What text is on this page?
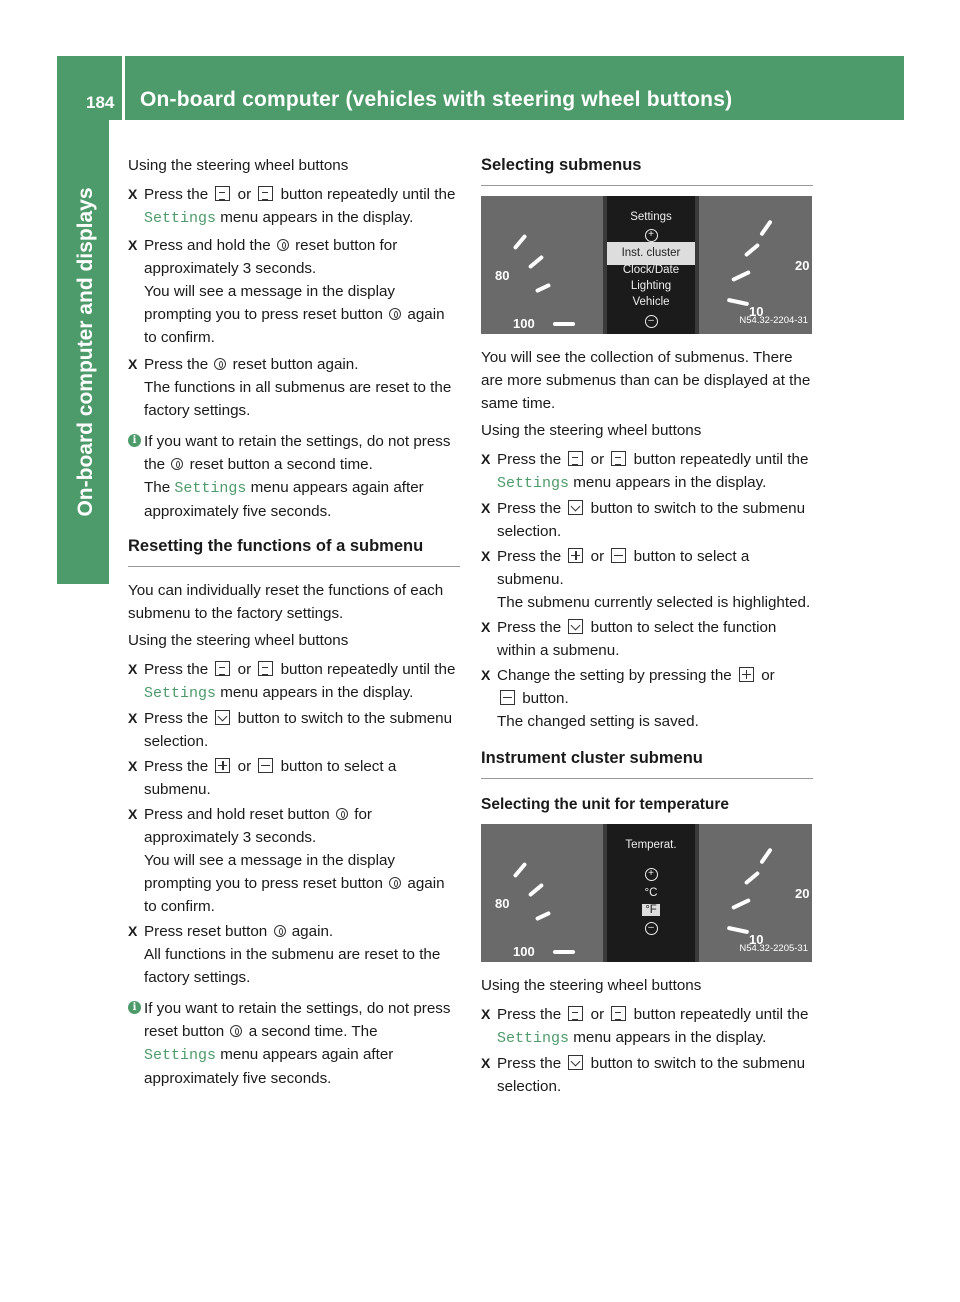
184 On-board computer (vehicles with steering wheel buttons)
On-board computer and displays

Using the steering wheel buttons

X Press the or button repeatedly until the Settings menu appears in the display.

X Press and hold the reset button for approximately 3 seconds.
You will see a message in the display prompting you to press reset button again to confirm.

X Press the reset button again.
The functions in all submenus are reset to the factory settings.

i If you want to retain the settings, do not press the reset button a second time.
The Settings menu appears again after approximately five seconds.

Resetting the functions of a submenu

You can individually reset the functions of each submenu to the factory settings.

Using the steering wheel buttons

X Press the or button repeatedly until the Settings menu appears in the display.

X Press the button to switch to the submenu selection.

X Press the or button to select a submenu.

X Press and hold reset button for approximately 3 seconds.
You will see a message in the display prompting you to press reset button again to confirm.

X Press reset button again.
All functions in the submenu are reset to the factory settings.

i If you want to retain the settings, do not press reset button a second time. The
Settings menu appears again after approximately five seconds.

Selecting submenus

80
100
10
20
Settings
+
Inst. cluster
Clock/Date
Lighting
Vehicle
–	N54.32-2204-31

You will see the collection of submenus. There are more submenus than can be displayed at the same time.

Using the steering wheel buttons

X Press the or button repeatedly until the Settings menu appears in the display.

X Press the button to switch to the submenu selection.

X Press the or button to select a submenu.
The submenu currently selected is highlighted.

X Press the button to select the function within a submenu.

X Change the setting by pressing the or
button.
The changed setting is saved.

Instrument cluster submenu

Selecting the unit for temperature

80
100
10
20
Temperat.
+
°C
°F
–
N54.32-2205-31

Using the steering wheel buttons

X Press the or button repeatedly until the Settings menu appears in the display.

X Press the button to switch to the submenu selection.
